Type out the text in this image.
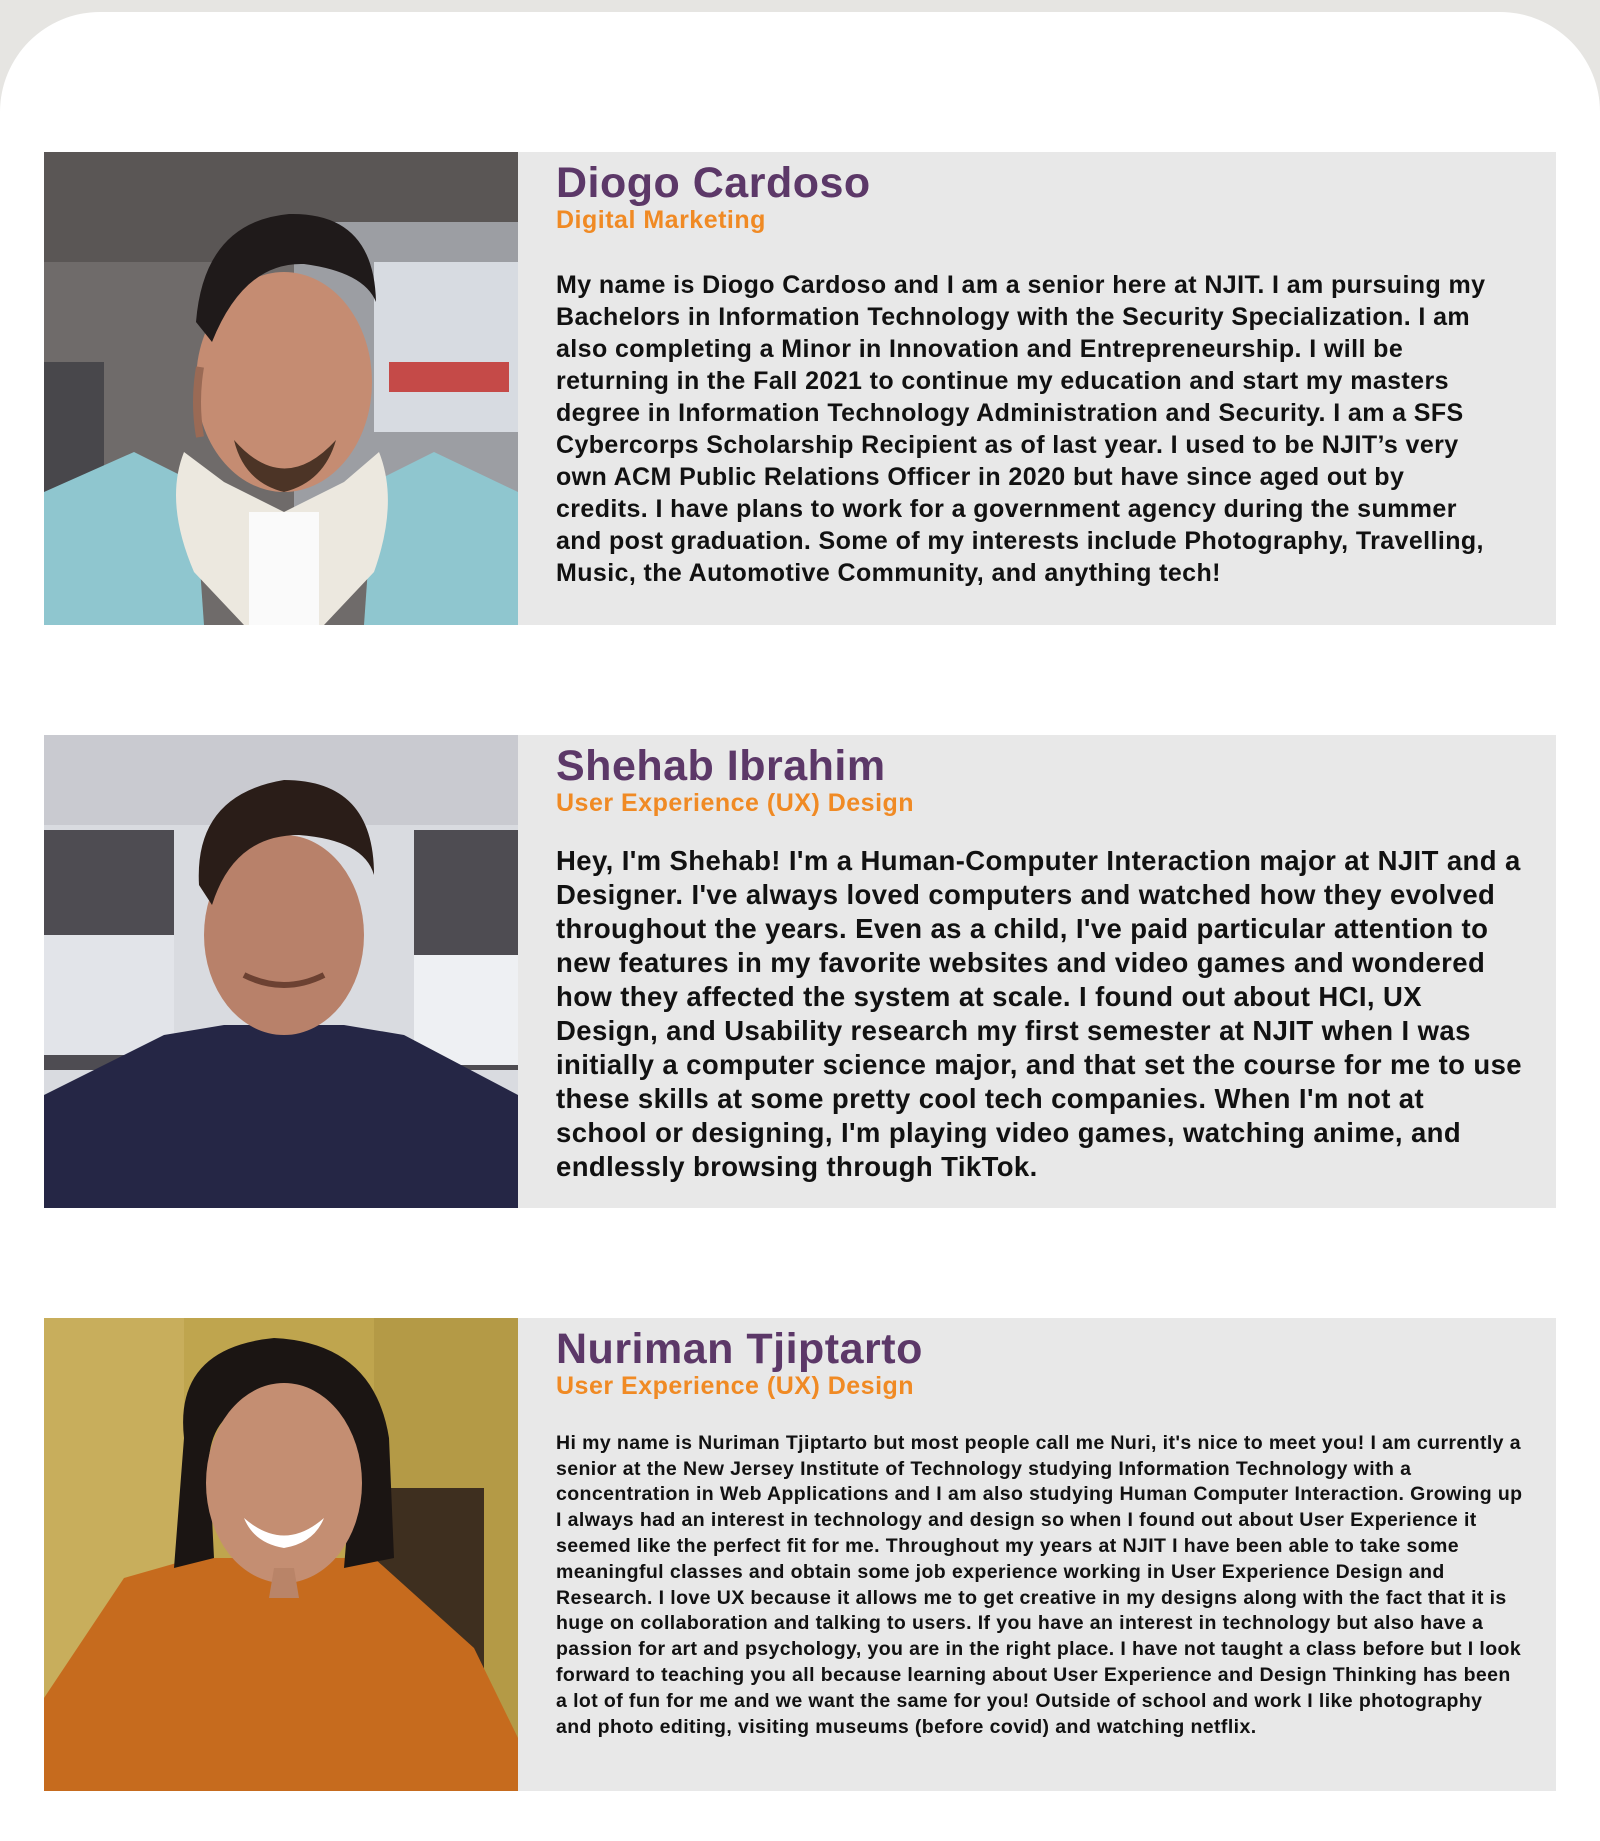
Diogo Cardoso

Digital Marketing

My name is Diogo Cardoso and I am a senior here at NJIT. I am pursuing my Bachelors in Information Technology with the Security Specialization. I am also completing a Minor in Innovation and Entrepreneurship. I will be returning in the Fall 2021 to continue my education and start my masters degree in Information Technology Administration and Security. I am a SFS Cybercorps Scholarship Recipient as of last year. I used to be NJIT’s very own ACM Public Relations Officer in 2020 but have since aged out by credits. I have plans to work for a government agency during the summer and post graduation. Some of my interests include Photography, Travelling, Music, the Automotive Community, and anything tech!

Shehab Ibrahim

User Experience (UX) Design

Hey, I'm Shehab! I'm a Human-Computer Interaction major at NJIT and a Designer. I've always loved computers and watched how they evolved throughout the years. Even as a child, I've paid particular attention to new features in my favorite websites and video games and wondered how they affected the system at scale. I found out about HCI, UX Design, and Usability research my first semester at NJIT when I was initially a computer science major, and that set the course for me to use these skills at some pretty cool tech companies. When I'm not at school or designing, I'm playing video games, watching anime, and endlessly browsing through TikTok.

Nuriman Tjiptarto

User Experience (UX) Design

Hi my name is Nuriman Tjiptarto but most people call me Nuri, it's nice to meet you! I am currently a senior at the New Jersey Institute of Technology studying Information Technology with a concentration in Web Applications and I am also studying Human Computer Interaction. Growing up I always had an interest in technology and design so when I found out about User Experience it seemed like the perfect fit for me. Throughout my years at NJIT I have been able to take some meaningful classes and obtain some job experience working in User Experience Design and Research. I love UX because it allows me to get creative in my designs along with the fact that it is huge on collaboration and talking to users. If you have an interest in technology but also have a passion for art and psychology, you are in the right place. I have not taught a class before but I look forward to teaching you all because learning about User Experience and Design Thinking has been a lot of fun for me and we want the same for you! Outside of school and work I like photography and photo editing, visiting museums (before covid) and watching netflix.
